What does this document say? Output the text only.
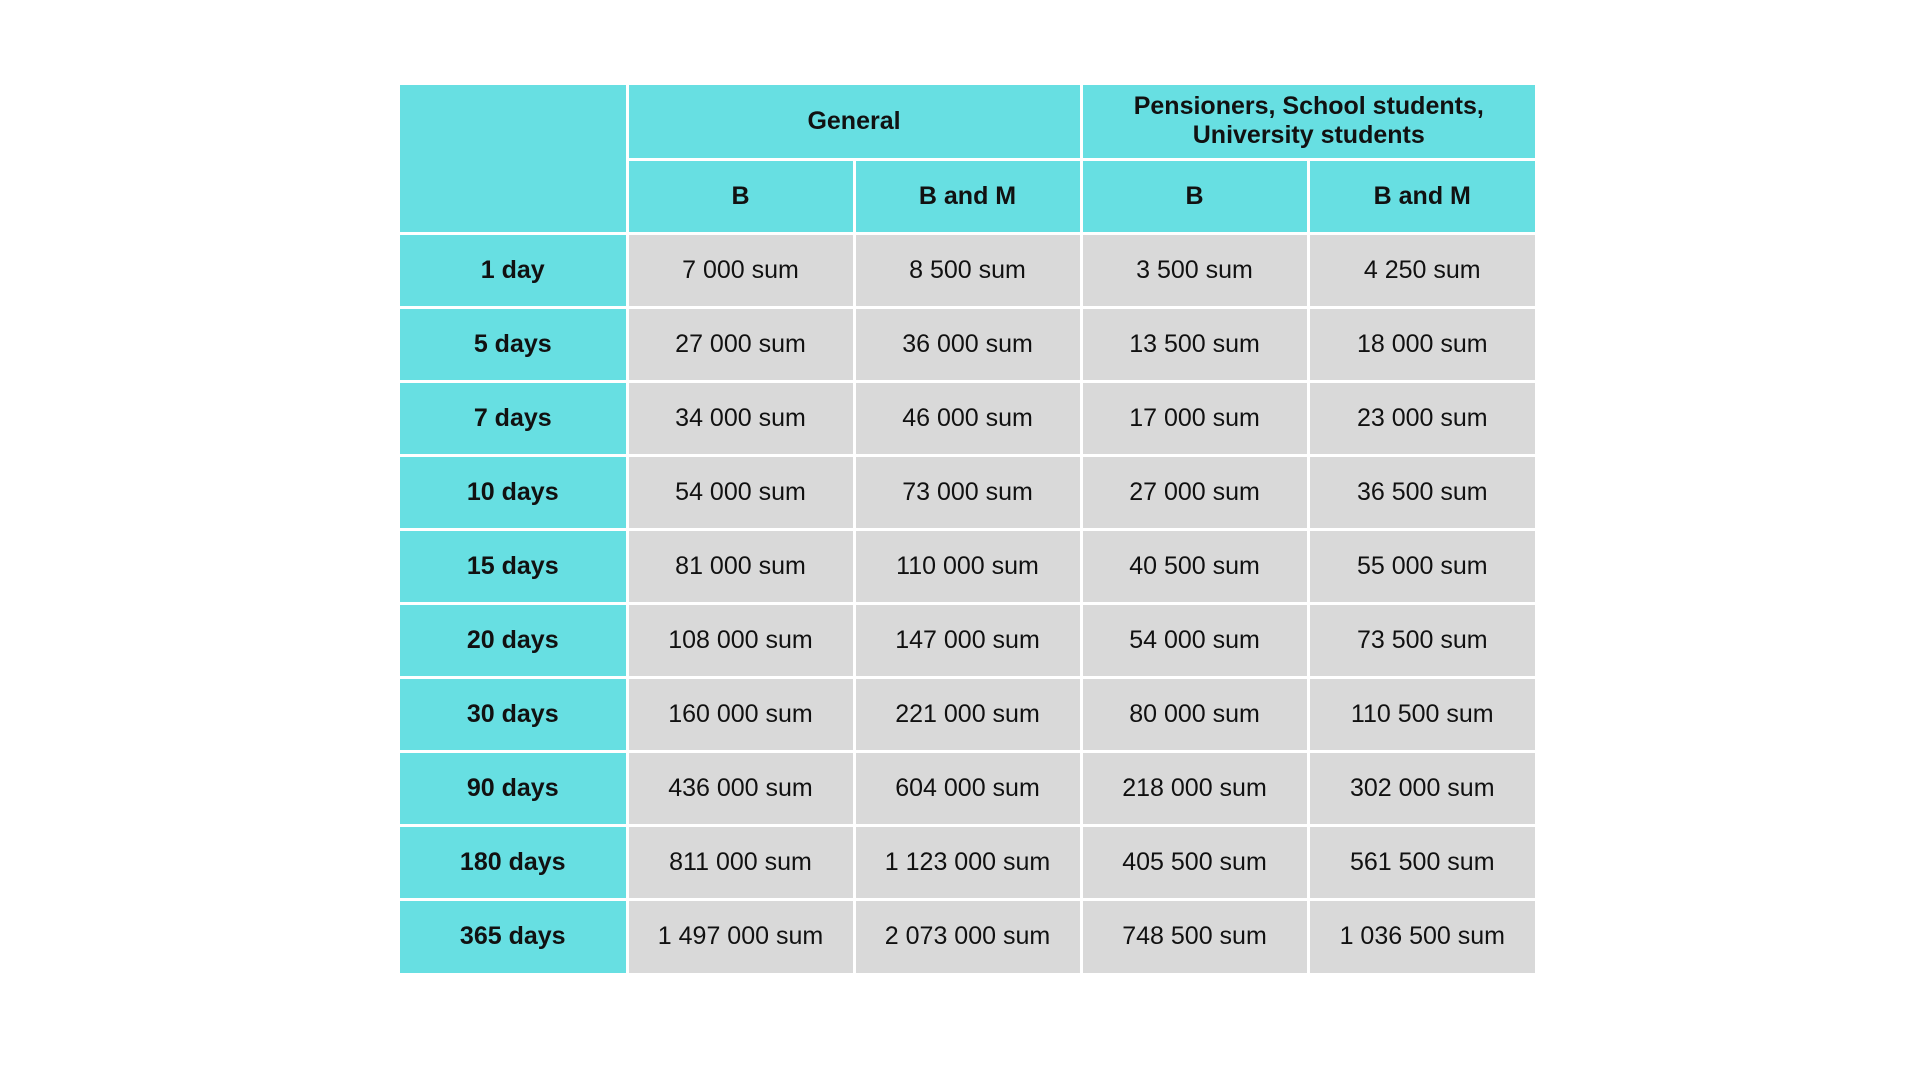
	General		Pensioners, School students, University students	
	B	B and M	B	B and M
1 day	7 000 sum	8 500 sum	3 500 sum	4 250 sum
5 days	27 000 sum	36 000 sum	13 500 sum	18 000 sum
7 days	34 000 sum	46 000 sum	17 000 sum	23 000 sum
10 days	54 000 sum	73 000 sum	27 000 sum	36 500 sum
15 days	81 000 sum	110 000 sum	40 500 sum	55 000 sum
20 days	108 000 sum	147 000 sum	54 000 sum	73 500 sum
30 days	160 000 sum	221 000 sum	80 000 sum	110 500 sum
90 days	436 000 sum	604 000 sum	218 000 sum	302 000 sum
180 days	811 000 sum	1 123 000 sum	405 500 sum	561 500 sum
365 days	1 497 000 sum	2 073 000 sum	748 500 sum	1 036 500 sum
